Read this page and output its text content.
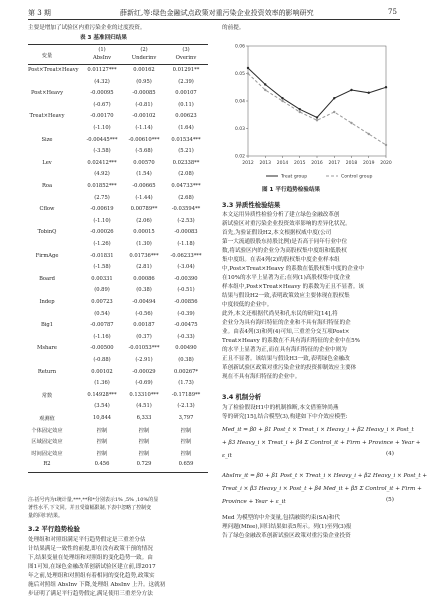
第 3 期	薛新红,等:绿色金融试点政策对重污染企业投资效率的影响研究	75
主要是增加了试验区内重污染企业的过度投资。
表 3 基准回归结果
变量
(1)	(2)	(3)
AbsInv	Underinv	Overinv
Post×Treat×Heavy	0.01127***	0.00162	0.01291**
(4.32)	(0.95)	(2.39)
Post×Heavy	-0.00095	-0.00085	0.00107
(-0.67)	(-0.81)	(0.11)
Treat×Heavy	-0.00170	-0.00102	0.00623
(-1.10)	(-1.14)	(1.64)
Size	-0.00445***	-0.00610***	0.01534***
(-3.58)	(-5.68)	(5.21)
Lev	0.02412***	0.00570	0.02338**
(4.92)	(1.54)	(2.08)
Roa	0.01852***	-0.00665	0.04733***
(2.75)	(-1.44)	(2.68)
Cflow	-0.00619	0.00789**	-0.03594**
(-1.10)	(2.06)	(-2.53)
TobinQ	-0.00026	0.00015	-0.00083
(-1.26)	(1.30)	(-1.18)
FirmAge	-0.01831	0.01736***	-0.06233***
(-1.58)	(2.81)	(-3.04)
Board	0.00331	0.00086	-0.00390
(0.89)	(0.38)	(-0.51)
Indep	0.00723	-0.00494	-0.00856
(0.54)	(-0.56)	(-0.39)
Big1	-0.00787	0.00187	-0.00475
(-1.16)	(0.37)	(-0.33)
Mshare	-0.00500	-0.01053***	0.00490
(-0.88)	(-2.91)	(0.38)
Return	0.00102	-0.00029	0.00267*
(1.36)	(-0.69)	(1.73)
常数	0.14928***	0.13310***	-0.17189**
(3.54)	(4.51)	(-2.13)
观测值	10,844	6,333	3,797
个体固定效应	控制	控制	控制
区域固定效应	控制	控制	控制
时间固定效应	控制	控制	控制
R2	0.456	0.729	0.659
注:括号内为t统计量,***,**和*分别表示1% ,5% ,10%的显
著性水平,下文同。并且受篇幅限制,下表中忽略了控制变
量的回归结果。
3.2 平行趋势检验
处理组和对照组满足平行趋势假定是三重差分估
计结果满足一致性的前提,即在没有政策干预的情况
下,结果变量在处理组和对照组的变化趋势一致。由
图1可知,在绿色金融改革创新试验区建立前,即2017
年之前,处理组和对照组有着相同的变化趋势,政策实
施后对照组 AbsInv 下降,处理组 AbsInv 上升。这就初
步证明了满足平行趋势假定,满足使用三重差分方法
的前提。
0.06
0.05
0.04
0.03
0.02
2012 2013 2014 2015 2016 2017 2018 2019 2020
Treat group	Control group
图 1 平行趋势检验结果
3.3 异质性检验结果
本文运用异质性检验分析了建立绿色金融改革创
新试验区对重污染企业投资效率影响的差异化状况。
首先,为验证假设H2,本文根据权威中度(公司
第一大流通股股东持股比例)是否高于同年行业中位
数,将试验区内的企业分为高股权集中度组和低股权
集中度组。在表4列(2)的股权集中度企业样本组
中,Post×Treat×Heavy 的系数在低股权集中度的企业中
在10%的水平上显著为正;在列(1)高股权集中度企业
样本组中,Post×Treat×Heavy 的系数为正且不显著。该
结果与假设H2一致,表明政策效应主要体现在股权集
中度较低的企业中。
此外,本文还根据代尚昊和孔东民的研究[14],将
企业分为具有海归特征的企业和不具有海归特征的企
业。由表4列(3)和列(4)可知,三重差分交互项Post×
Treat×Heavy 的系数在不具有海归特征的企业中在5%
的水平上显著为正,而在具有海归特征的企业中则为
正且不显著。该结果与假设H3一致,表明绿色金融改
革创新试验区政策对重污染企业的投资抑制效应主要体
现在不具有海归特征的企业中。
3.4 机制分析
为了检验假设H1中的机制推断,本文借鉴钟尚燕
等的研究[15],结合模型(3),构建如下中介效应模型:
Med_it = β0 + β1 Post_t × Treat_i × Heavy_i + β2 Heavy_i × Post_t
+ β3 Heavy_i × Treat_i + β4 Σ Control_it + Firm + Province + Year +
ε_it	(4)
AbsInv_it = β0 + β1 Post_t × Treat_i × Heavy_i + β2 Heavy_i × Post_t +
Treat_i × β3 Heavy_i × Post_t + β4 Med_it + β5 Σ Control_it + Firm +
Province + Year + ε_it	(5)
Med 为模型的中介变量,包括融资约束(SA)和代
理问题(Mfee),回归结果如表5所示。列(1)至列(3)报
告了绿色金融改革创新试验区政策对重污染企业投资
